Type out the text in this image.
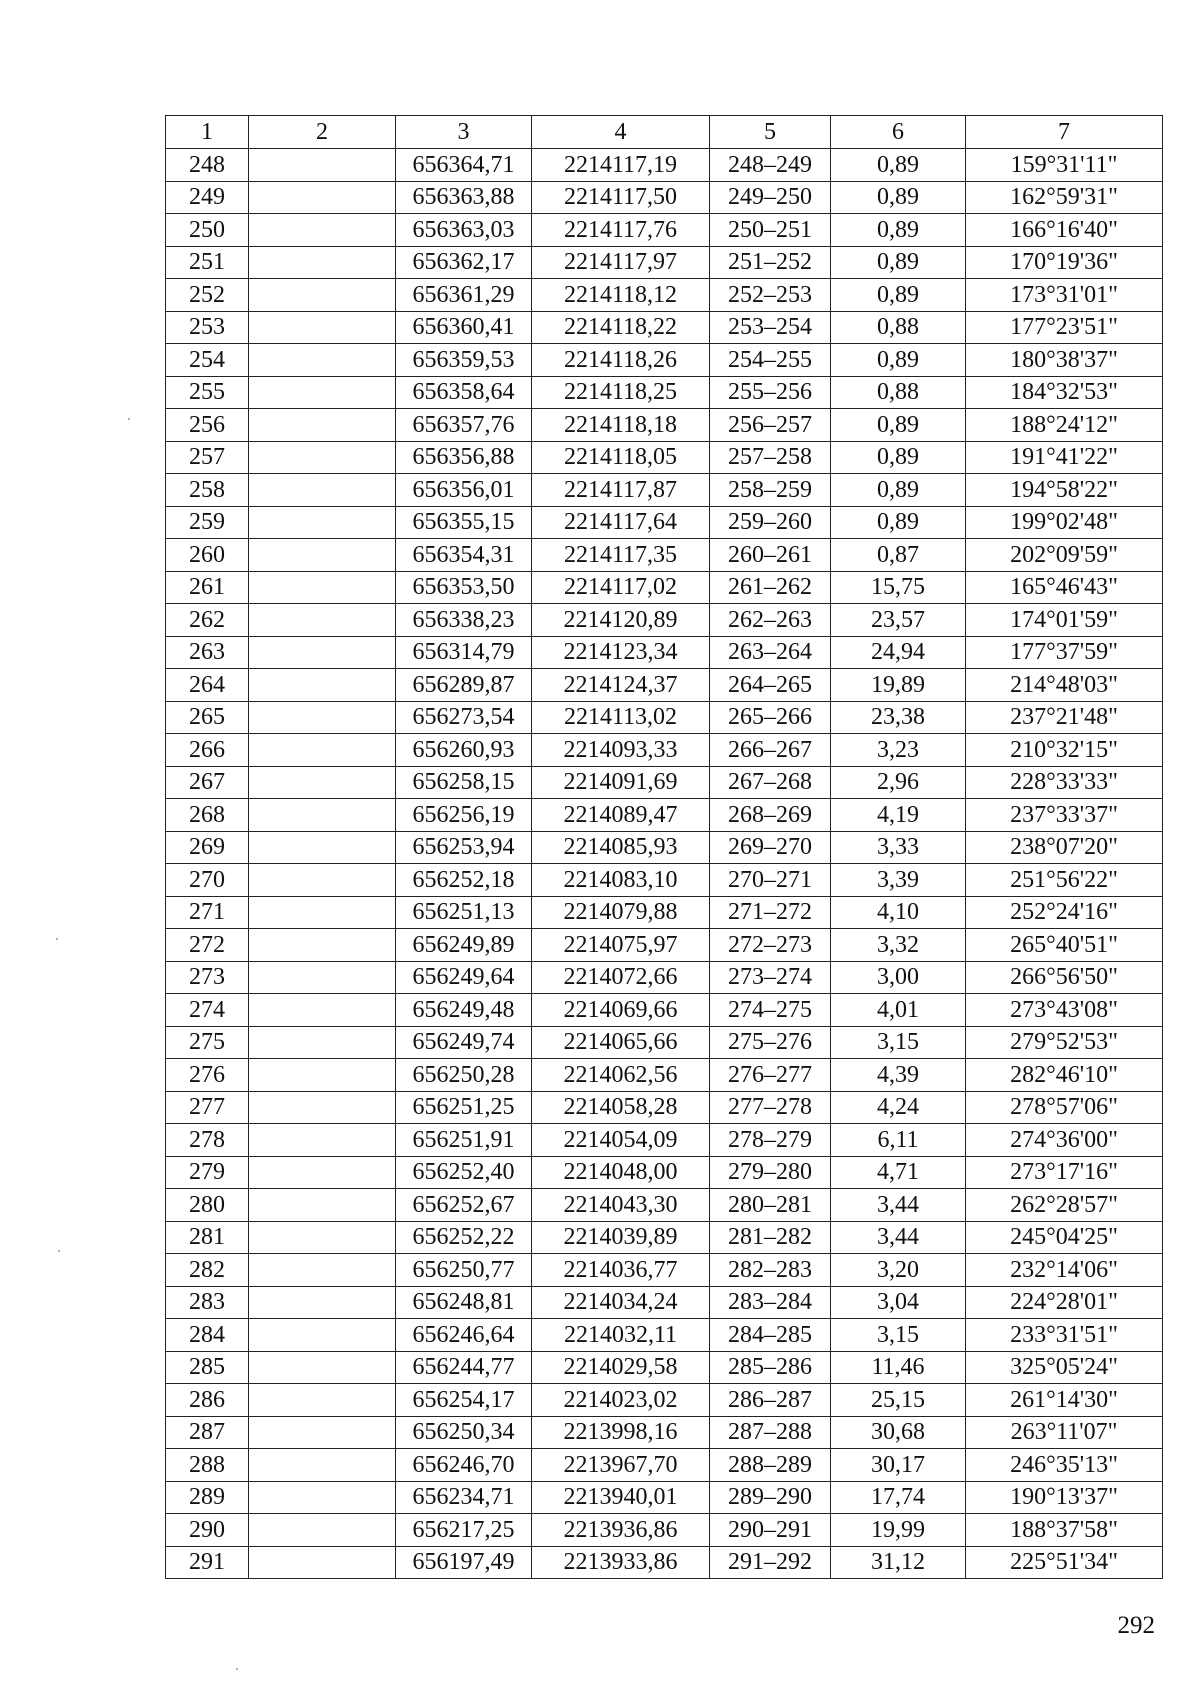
1	2	3	4	5	6	7
248		656364,71	2214117,19	248–249	0,89	159°31'11"
249		656363,88	2214117,50	249–250	0,89	162°59'31"
250		656363,03	2214117,76	250–251	0,89	166°16'40"
251		656362,17	2214117,97	251–252	0,89	170°19'36"
252		656361,29	2214118,12	252–253	0,89	173°31'01"
253		656360,41	2214118,22	253–254	0,88	177°23'51"
254		656359,53	2214118,26	254–255	0,89	180°38'37"
255		656358,64	2214118,25	255–256	0,88	184°32'53"
256		656357,76	2214118,18	256–257	0,89	188°24'12"
257		656356,88	2214118,05	257–258	0,89	191°41'22"
258		656356,01	2214117,87	258–259	0,89	194°58'22"
259		656355,15	2214117,64	259–260	0,89	199°02'48"
260		656354,31	2214117,35	260–261	0,87	202°09'59"
261		656353,50	2214117,02	261–262	15,75	165°46'43"
262		656338,23	2214120,89	262–263	23,57	174°01'59"
263		656314,79	2214123,34	263–264	24,94	177°37'59"
264		656289,87	2214124,37	264–265	19,89	214°48'03"
265		656273,54	2214113,02	265–266	23,38	237°21'48"
266		656260,93	2214093,33	266–267	3,23	210°32'15"
267		656258,15	2214091,69	267–268	2,96	228°33'33"
268		656256,19	2214089,47	268–269	4,19	237°33'37"
269		656253,94	2214085,93	269–270	3,33	238°07'20"
270		656252,18	2214083,10	270–271	3,39	251°56'22"
271		656251,13	2214079,88	271–272	4,10	252°24'16"
272		656249,89	2214075,97	272–273	3,32	265°40'51"
273		656249,64	2214072,66	273–274	3,00	266°56'50"
274		656249,48	2214069,66	274–275	4,01	273°43'08"
275		656249,74	2214065,66	275–276	3,15	279°52'53"
276		656250,28	2214062,56	276–277	4,39	282°46'10"
277		656251,25	2214058,28	277–278	4,24	278°57'06"
278		656251,91	2214054,09	278–279	6,11	274°36'00"
279		656252,40	2214048,00	279–280	4,71	273°17'16"
280		656252,67	2214043,30	280–281	3,44	262°28'57"
281		656252,22	2214039,89	281–282	3,44	245°04'25"
282		656250,77	2214036,77	282–283	3,20	232°14'06"
283		656248,81	2214034,24	283–284	3,04	224°28'01"
284		656246,64	2214032,11	284–285	3,15	233°31'51"
285		656244,77	2214029,58	285–286	11,46	325°05'24"
286		656254,17	2214023,02	286–287	25,15	261°14'30"
287		656250,34	2213998,16	287–288	30,68	263°11'07"
288		656246,70	2213967,70	288–289	30,17	246°35'13"
289		656234,71	2213940,01	289–290	17,74	190°13'37"
290		656217,25	2213936,86	290–291	19,99	188°37'58"
291		656197,49	2213933,86	291–292	31,12	225°51'34"
292
